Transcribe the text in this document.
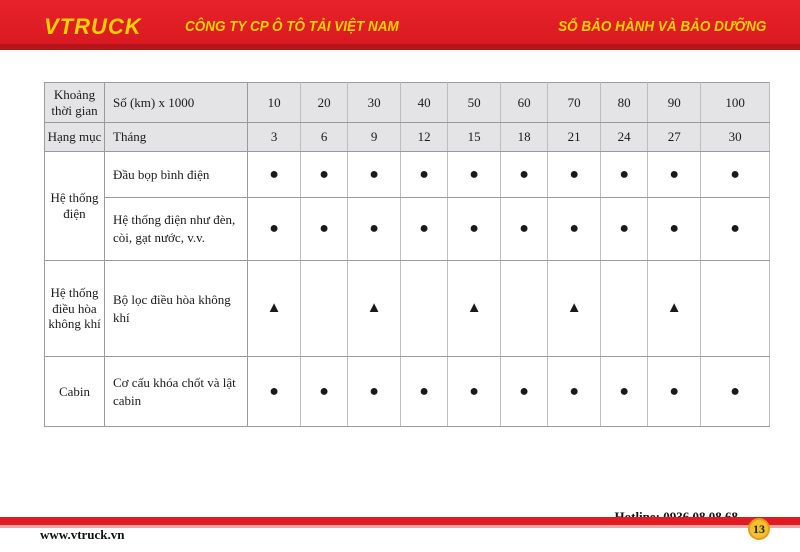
VTRUCK	CÔNG TY CP Ô TÔ TẢI VIỆT NAM	SỔ BẢO HÀNH VÀ BẢO DƯỠNG
Khoảng thời gian	Số (km) x 1000	10	20	30	40	50	60	70	80	90	100
Hạng mục	Tháng	3	6	9	12	15	18	21	24	27	30
Hệ thống điện	Đầu bọp bình điện	●	●	●	●	●	●	●	●	●	●
	Hệ thống điện như đèn, còi, gạt nước, v.v.	●	●	●	●	●	●	●	●	●	●
Hệ thống điều hòa không khí	Bộ lọc điều hòa không khí	▲		▲		▲		▲		▲	
Cabin	Cơ cấu khóa chốt và lật cabin	●	●	●	●	●	●	●	●	●	●
www.vtruck.vn	13
